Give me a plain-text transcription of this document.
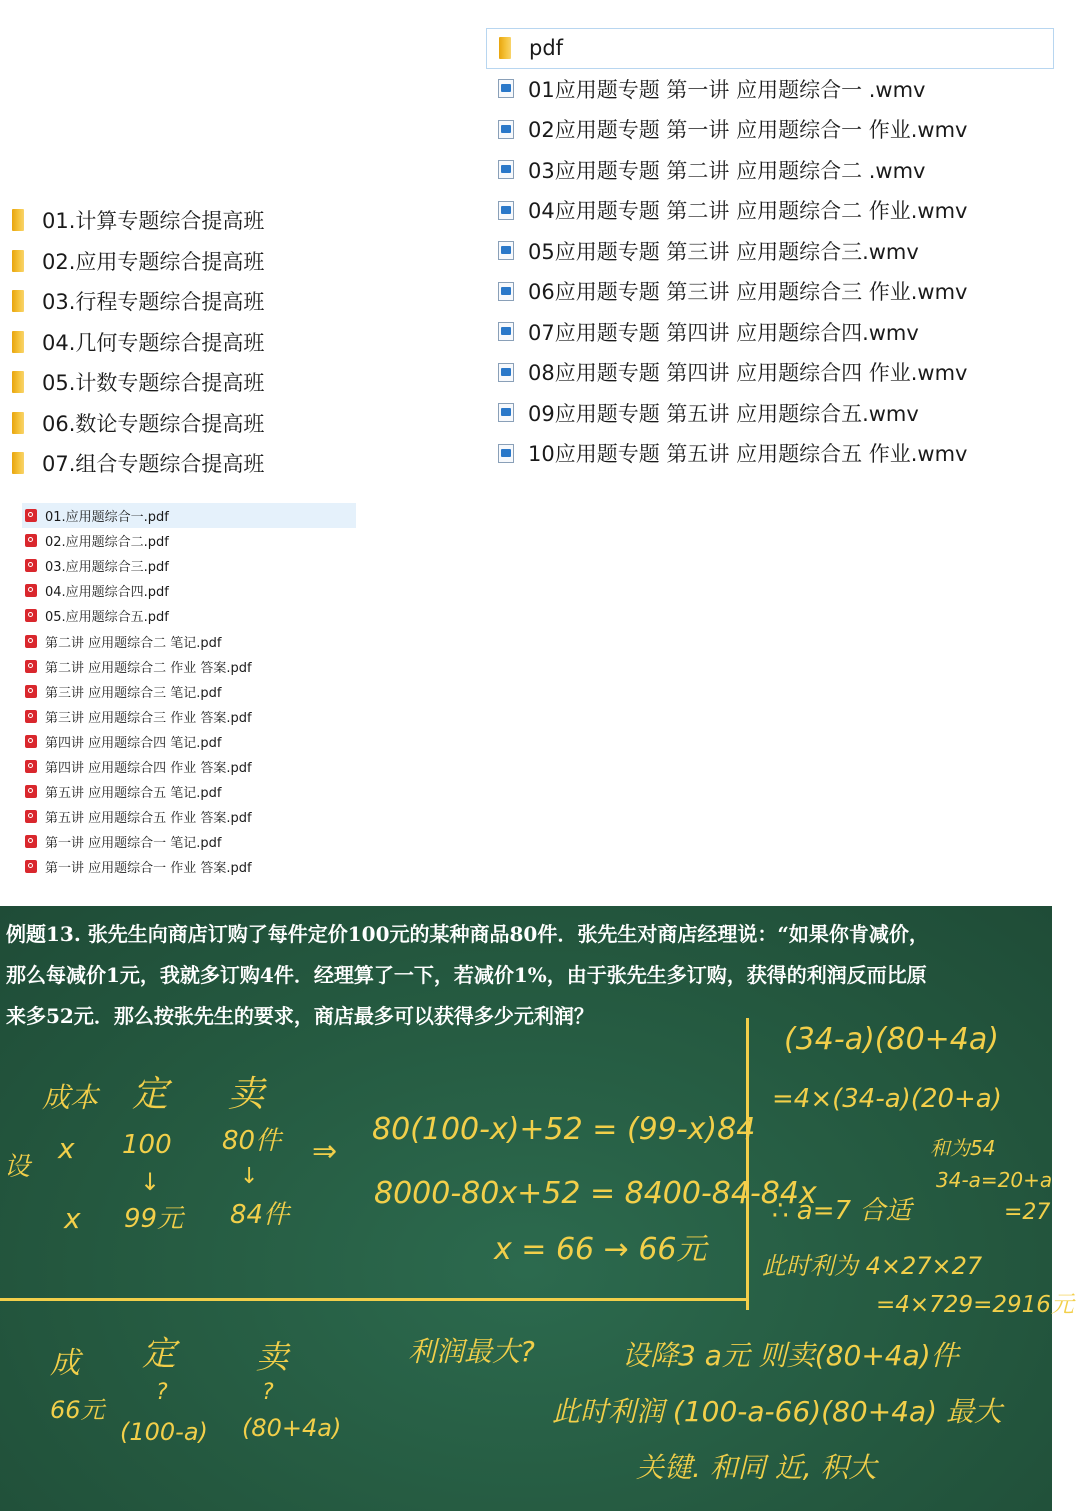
pdf
01应用题专题 第一讲 应用题综合一 .wmv
02应用题专题 第一讲 应用题综合一 作业.wmv
03应用题专题 第二讲 应用题综合二 .wmv
04应用题专题 第二讲 应用题综合二 作业.wmv
05应用题专题 第三讲 应用题综合三.wmv
06应用题专题 第三讲 应用题综合三 作业.wmv
07应用题专题 第四讲 应用题综合四.wmv
08应用题专题 第四讲 应用题综合四 作业.wmv
09应用题专题 第五讲 应用题综合五.wmv
10应用题专题 第五讲 应用题综合五 作业.wmv
01.计算专题综合提高班
02.应用专题综合提高班
03.行程专题综合提高班
04.几何专题综合提高班
05.计数专题综合提高班
06.数论专题综合提高班
07.组合专题综合提高班
01.应用题综合一.pdf
02.应用题综合二.pdf
03.应用题综合三.pdf
04.应用题综合四.pdf
05.应用题综合五.pdf
第二讲 应用题综合二 笔记.pdf
第二讲 应用题综合二 作业 答案.pdf
第三讲 应用题综合三 笔记.pdf
第三讲 应用题综合三 作业 答案.pdf
第四讲 应用题综合四 笔记.pdf
第四讲 应用题综合四 作业 答案.pdf
第五讲 应用题综合五 笔记.pdf
第五讲 应用题综合五 作业 答案.pdf
第一讲 应用题综合一 笔记.pdf
第一讲 应用题综合一 作业 答案.pdf
例题13. 张先生向商店订购了每件定价100元的某种商品80件．张先生对商店经理说：“如果你肯减价，
那么每减价1元，我就多订购4件．经理算了一下，若减价1%，由于张先生多订购，获得的利润反而比原
来多52元．那么按张先生的要求，商店最多可以获得多少元利润？
成本 定 卖
设
x 100 80件
↓	↓
x 99元 84件
⇒
80(100-x)+52 = (99-x)84
8000-80x+52 = 8400-84-84x
x = 66 → 66元
(34-a)(80+4a)
=4×(34-a)(20+a)
和为54
∴ a=7 合适
34-a=20+a
=27
此时利为 4×27×27
=4×729=2916元
成 定	卖
66元
?	?
(100-a) (80+4a)
利润最大?	设降3 a元 则卖(80+4a)件
此时利润 (100-a-66)(80+4a) 最大
关键. 和同 近, 积大
